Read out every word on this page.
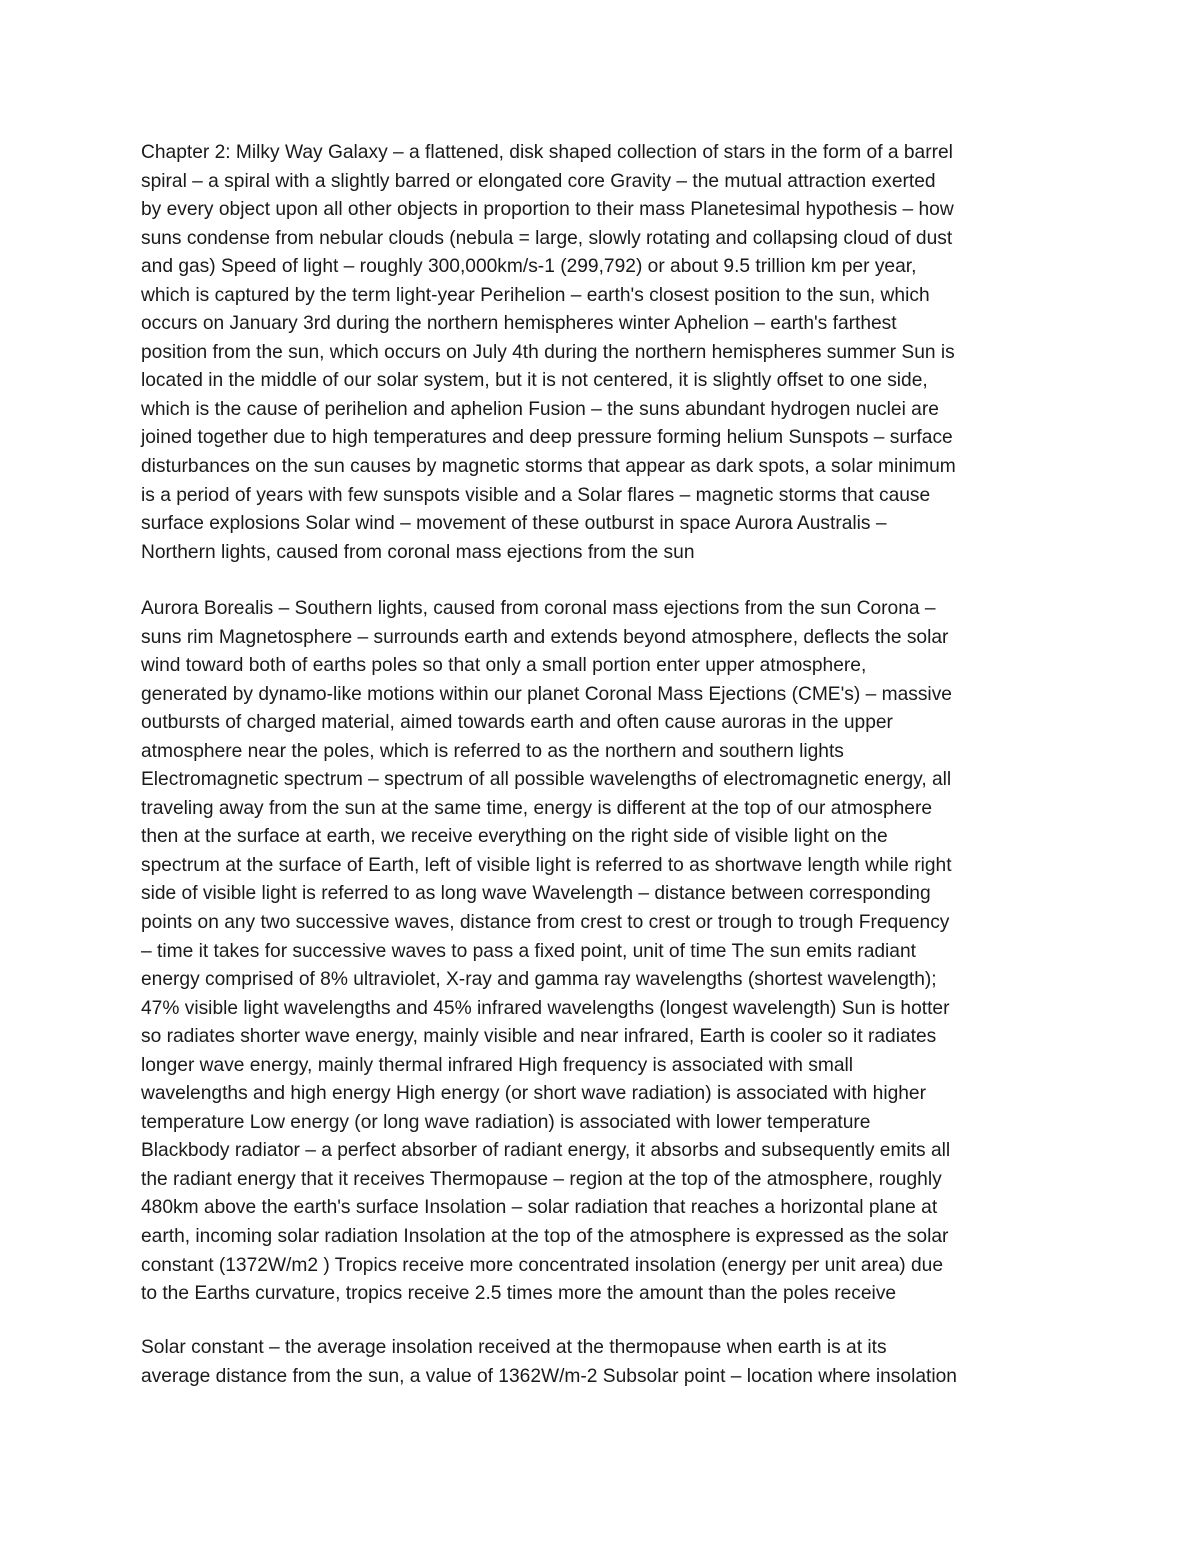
Chapter 2: Milky Way Galaxy – a flattened, disk shaped collection of stars in the form of a barrel
spiral – a spiral with a slightly barred or elongated core Gravity – the mutual attraction exerted
by every object upon all other objects in proportion to their mass Planetesimal hypothesis – how
suns condense from nebular clouds (nebula = large, slowly rotating and collapsing cloud of dust
and gas) Speed of light – roughly 300,000km/s-1 (299,792) or about 9.5 trillion km per year,
which is captured by the term light-year Perihelion – earth's closest position to the sun, which
occurs on January 3rd during the northern hemispheres winter Aphelion – earth's farthest
position from the sun, which occurs on July 4th during the northern hemispheres summer Sun is
located in the middle of our solar system, but it is not centered, it is slightly offset to one side,
which is the cause of perihelion and aphelion Fusion – the suns abundant hydrogen nuclei are
joined together due to high temperatures and deep pressure forming helium Sunspots – surface
disturbances on the sun causes by magnetic storms that appear as dark spots, a solar minimum
is a period of years with few sunspots visible and a Solar flares – magnetic storms that cause
surface explosions Solar wind – movement of these outburst in space Aurora Australis –
Northern lights, caused from coronal mass ejections from the sun
Aurora Borealis – Southern lights, caused from coronal mass ejections from the sun Corona –
suns rim Magnetosphere – surrounds earth and extends beyond atmosphere, deflects the solar
wind toward both of earths poles so that only a small portion enter upper atmosphere,
generated by dynamo-like motions within our planet Coronal Mass Ejections (CME's) – massive
outbursts of charged material, aimed towards earth and often cause auroras in the upper
atmosphere near the poles, which is referred to as the northern and southern lights
Electromagnetic spectrum – spectrum of all possible wavelengths of electromagnetic energy, all
traveling away from the sun at the same time, energy is different at the top of our atmosphere
then at the surface at earth, we receive everything on the right side of visible light on the
spectrum at the surface of Earth, left of visible light is referred to as shortwave length while right
side of visible light is referred to as long wave Wavelength – distance between corresponding
points on any two successive waves, distance from crest to crest or trough to trough Frequency
– time it takes for successive waves to pass a fixed point, unit of time The sun emits radiant
energy comprised of 8% ultraviolet, X-ray and gamma ray wavelengths (shortest wavelength);
47% visible light wavelengths and 45% infrared wavelengths (longest wavelength) Sun is hotter
so radiates shorter wave energy, mainly visible and near infrared, Earth is cooler so it radiates
longer wave energy, mainly thermal infrared High frequency is associated with small
wavelengths and high energy High energy (or short wave radiation) is associated with higher
temperature Low energy (or long wave radiation) is associated with lower temperature
Blackbody radiator – a perfect absorber of radiant energy, it absorbs and subsequently emits all
the radiant energy that it receives Thermopause – region at the top of the atmosphere, roughly
480km above the earth's surface Insolation – solar radiation that reaches a horizontal plane at
earth, incoming solar radiation Insolation at the top of the atmosphere is expressed as the solar
constant (1372W/m2 ) Tropics receive more concentrated insolation (energy per unit area) due
to the Earths curvature, tropics receive 2.5 times more the amount than the poles receive
Solar constant – the average insolation received at the thermopause when earth is at its
average distance from the sun, a value of 1362W/m-2 Subsolar point – location where insolation
